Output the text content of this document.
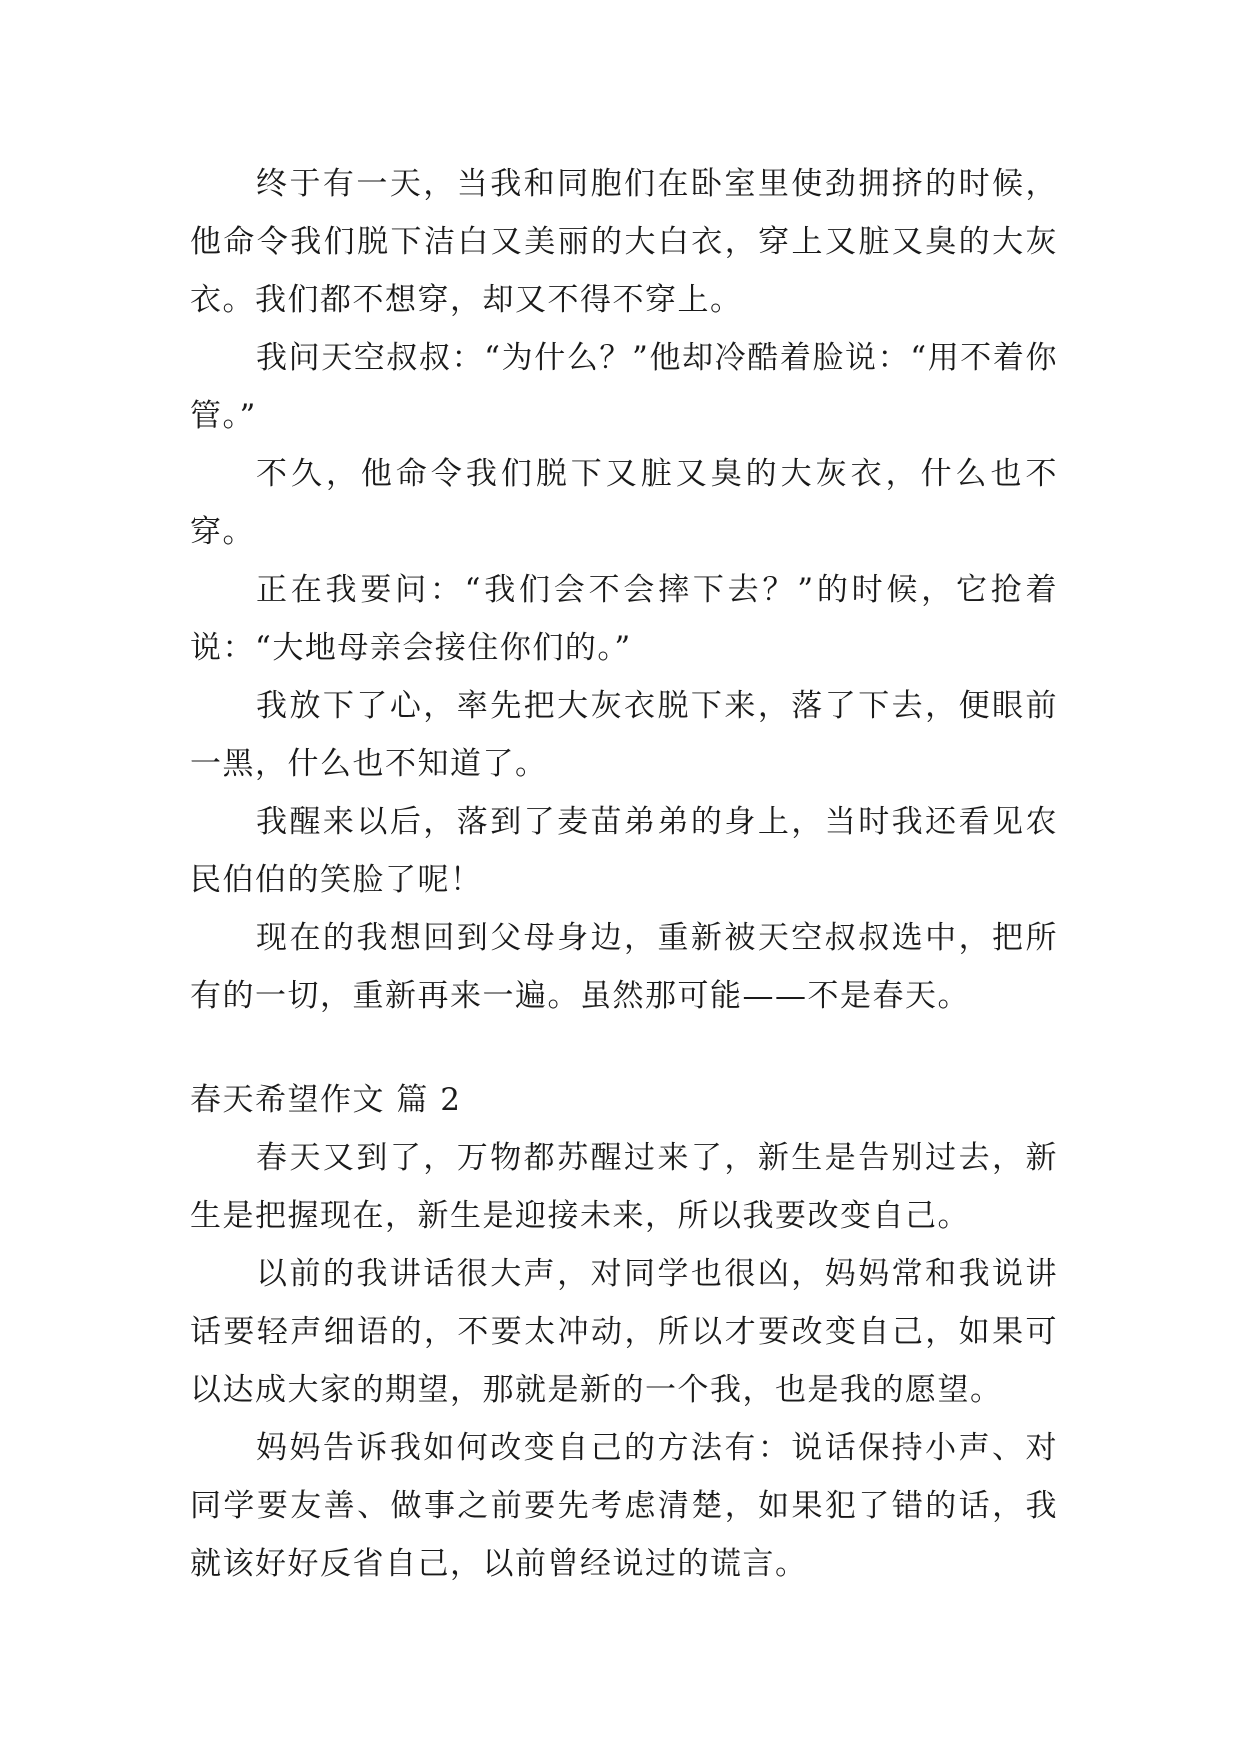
终于有一天，当我和同胞们在卧室里使劲拥挤的时候，他命令我们脱下洁白又美丽的大白衣，穿上又脏又臭的大灰衣。我们都不想穿，却又不得不穿上。

我问天空叔叔：“为什么？”他却冷酷着脸说：“用不着你管。”

不久，他命令我们脱下又脏又臭的大灰衣，什么也不穿。

正在我要问：“我们会不会摔下去？”的时候，它抢着说：“大地母亲会接住你们的。”

我放下了心，率先把大灰衣脱下来，落了下去，便眼前一黑，什么也不知道了。

我醒来以后，落到了麦苗弟弟的身上，当时我还看见农民伯伯的笑脸了呢！

现在的我想回到父母身边，重新被天空叔叔选中，把所有的一切，重新再来一遍。虽然那可能——不是春天。

春天希望作文 篇 2

春天又到了，万物都苏醒过来了，新生是告别过去，新生是把握现在，新生是迎接未来，所以我要改变自己。

以前的我讲话很大声，对同学也很凶，妈妈常和我说讲话要轻声细语的，不要太冲动，所以才要改变自己，如果可以达成大家的期望，那就是新的一个我，也是我的愿望。

妈妈告诉我如何改变自己的方法有：说话保持小声、对同学要友善、做事之前要先考虑清楚，如果犯了错的话，我就该好好反省自己，以前曾经说过的谎言。
